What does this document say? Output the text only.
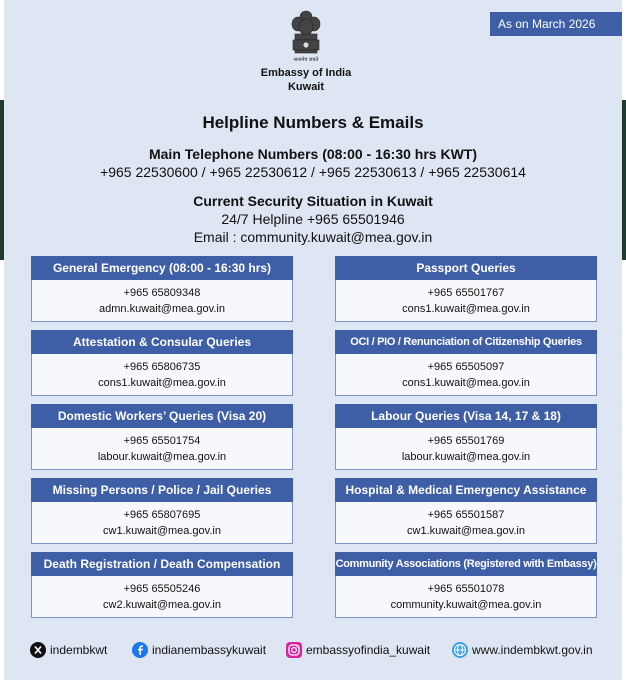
As on March 2026
सत्यमेव जयते
Embassy of India
Kuwait
Helpline Numbers & Emails
Main Telephone Numbers (08:00 - 16:30 hrs KWT)
+965 22530600 / +965 22530612 / +965 22530613 / +965 22530614
Current Security Situation in Kuwait
24/7 Helpline +965 65501946
Email : community.kuwait@mea.gov.in
General Emergency (08:00 - 16:30 hrs)
+965 65809348
admn.kuwait@mea.gov.in
Passport Queries
+965 65501767
cons1.kuwait@mea.gov.in
Attestation & Consular Queries
+965 65806735
cons1.kuwait@mea.gov.in
OCI / PIO / Renunciation of Citizenship Queries
+965 65505097
cons1.kuwait@mea.gov.in
Domestic Workers’ Queries (Visa 20)
+965 65501754
labour.kuwait@mea.gov.in
Labour Queries (Visa 14, 17 & 18)
+965 65501769
labour.kuwait@mea.gov.in
Missing Persons / Police / Jail Queries
+965 65807695
cw1.kuwait@mea.gov.in
Hospital & Medical Emergency Assistance
+965 65501587
cw1.kuwait@mea.gov.in
Death Registration / Death Compensation
+965 65505246
cw2.kuwait@mea.gov.in
Community Associations (Registered with Embassy)
+965 65501078
community.kuwait@mea.gov.in
indembkwt	indianembassykuwait	embassyofindia_kuwait	www.indembkwt.gov.in
